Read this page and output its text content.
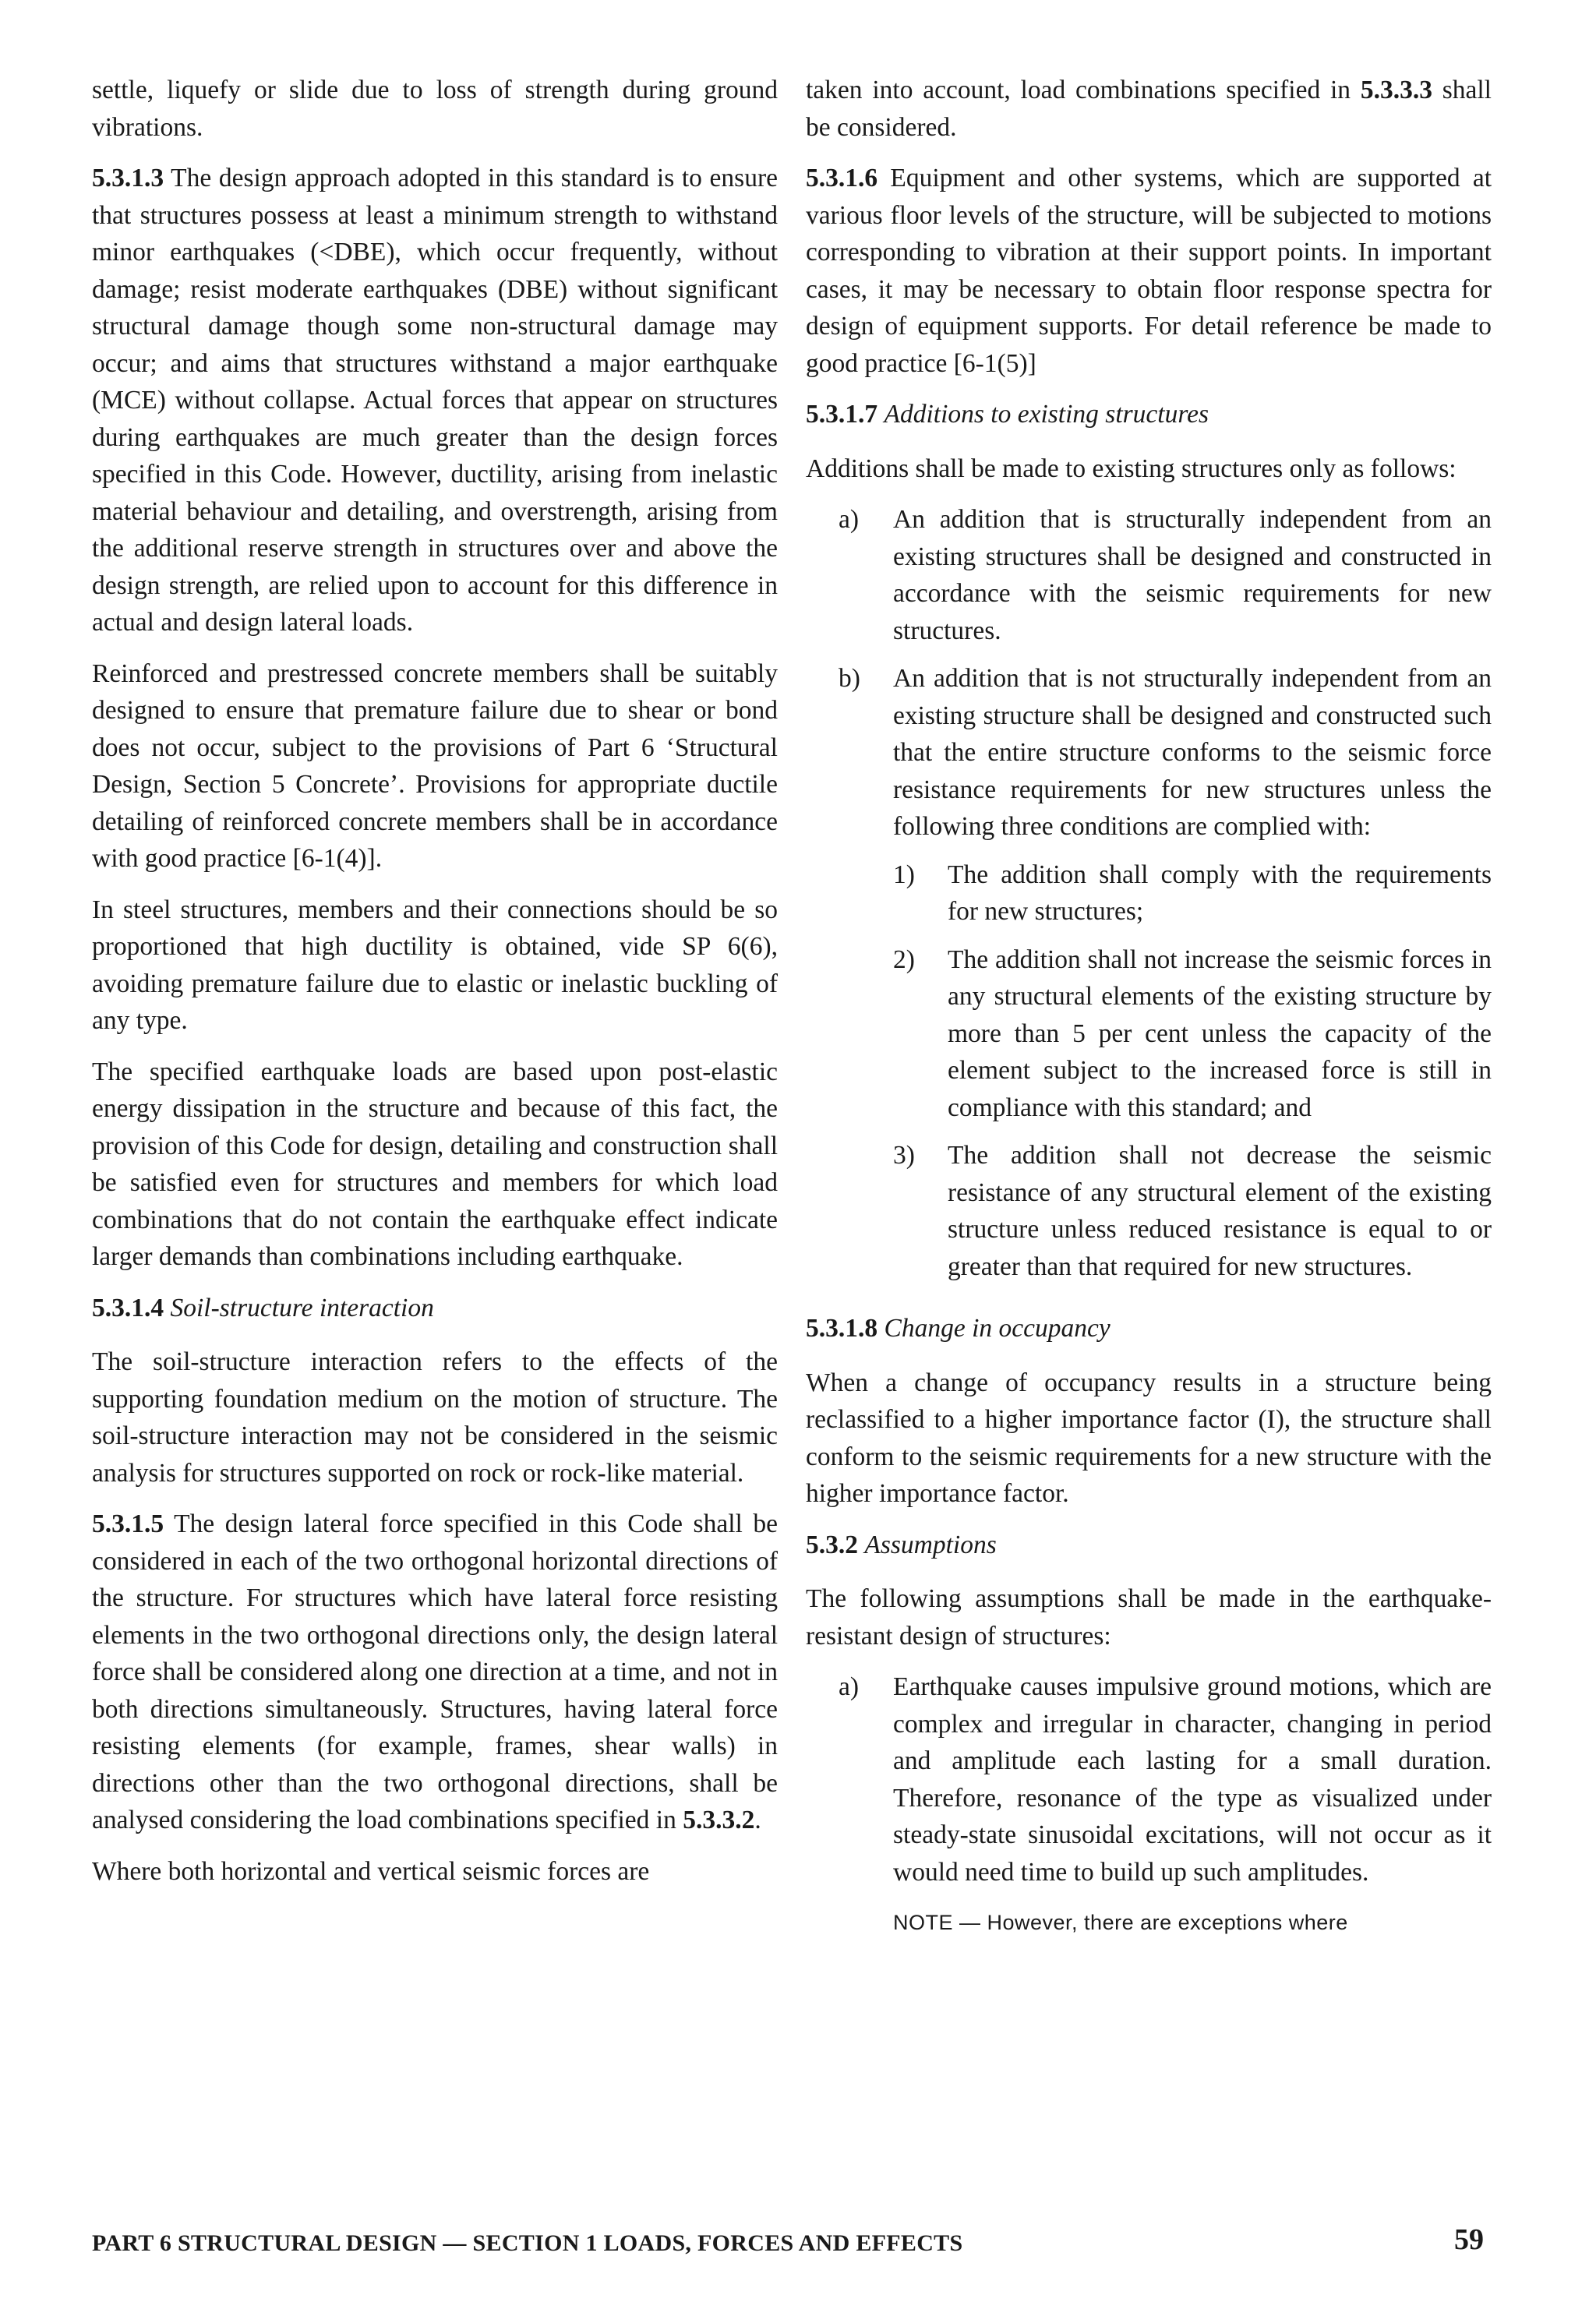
settle, liquefy or slide due to loss of strength during ground vibrations.

5.3.1.3 The design approach adopted in this standard is to ensure that structures possess at least a minimum strength to withstand minor earthquakes (<DBE), which occur frequently, without damage; resist moderate earthquakes (DBE) without significant structural damage though some non-structural damage may occur; and aims that structures withstand a major earthquake (MCE) without collapse. Actual forces that appear on structures during earthquakes are much greater than the design forces specified in this Code. However, ductility, arising from inelastic material behaviour and detailing, and overstrength, arising from the additional reserve strength in structures over and above the design strength, are relied upon to account for this difference in actual and design lateral loads.

Reinforced and prestressed concrete members shall be suitably designed to ensure that premature failure due to shear or bond does not occur, subject to the provisions of Part 6 ‘Structural Design, Section 5 Concrete’. Provisions for appropriate ductile detailing of reinforced concrete members shall be in accordance with good practice [6-1(4)].

In steel structures, members and their connections should be so proportioned that high ductility is obtained, vide SP 6(6), avoiding premature failure due to elastic or inelastic buckling of any type.

The specified earthquake loads are based upon post-elastic energy dissipation in the structure and because of this fact, the provision of this Code for design, detailing and construction shall be satisfied even for structures and members for which load combinations that do not contain the earthquake effect indicate larger demands than combinations including earthquake.

5.3.1.4 Soil-structure interaction

The soil-structure interaction refers to the effects of the supporting foundation medium on the motion of structure. The soil-structure interaction may not be considered in the seismic analysis for structures supported on rock or rock-like material.

5.3.1.5 The design lateral force specified in this Code shall be considered in each of the two orthogonal horizontal directions of the structure. For structures which have lateral force resisting elements in the two orthogonal directions only, the design lateral force shall be considered along one direction at a time, and not in both directions simultaneously. Structures, having lateral force resisting elements (for example, frames, shear walls) in directions other than the two orthogonal directions, shall be analysed considering the load combinations specified in 5.3.3.2.

Where both horizontal and vertical seismic forces are

taken into account, load combinations specified in 5.3.3.3 shall be considered.

5.3.1.6 Equipment and other systems, which are supported at various floor levels of the structure, will be subjected to motions corresponding to vibration at their support points. In important cases, it may be necessary to obtain floor response spectra for design of equipment supports. For detail reference be made to good practice [6-1(5)]

5.3.1.7 Additions to existing structures

Additions shall be made to existing structures only as follows:

a)	An addition that is structurally independent from an existing structures shall be designed and constructed in accordance with the seismic requirements for new structures.
b)	An addition that is not structurally independent from an existing structure shall be designed and constructed such that the entire structure conforms to the seismic force resistance requirements for new structures unless the following three conditions are complied with:
1)	The addition shall comply with the requirements for new structures;
2)	The addition shall not increase the seismic forces in any structural elements of the existing structure by more than 5 per cent unless the capacity of the element subject to the increased force is still in compliance with this standard; and
3)	The addition shall not decrease the seismic resistance of any structural element of the existing structure unless reduced resistance is equal to or greater than that required for new structures.

5.3.1.8 Change in occupancy

When a change of occupancy results in a structure being reclassified to a higher importance factor (I), the structure shall conform to the seismic requirements for a new structure with the higher importance factor.

5.3.2 Assumptions

The following assumptions shall be made in the earthquake-resistant design of structures:

a)	Earthquake causes impulsive ground motions, which are complex and irregular in character, changing in period and amplitude each lasting for a small duration. Therefore, resonance of the type as visualized under steady-state sinusoidal excitations, will not occur as it would need time to build up such amplitudes.
NOTE — However, there are exceptions where
PART 6 STRUCTURAL DESIGN — SECTION 1 LOADS, FORCES AND EFFECTS	59
